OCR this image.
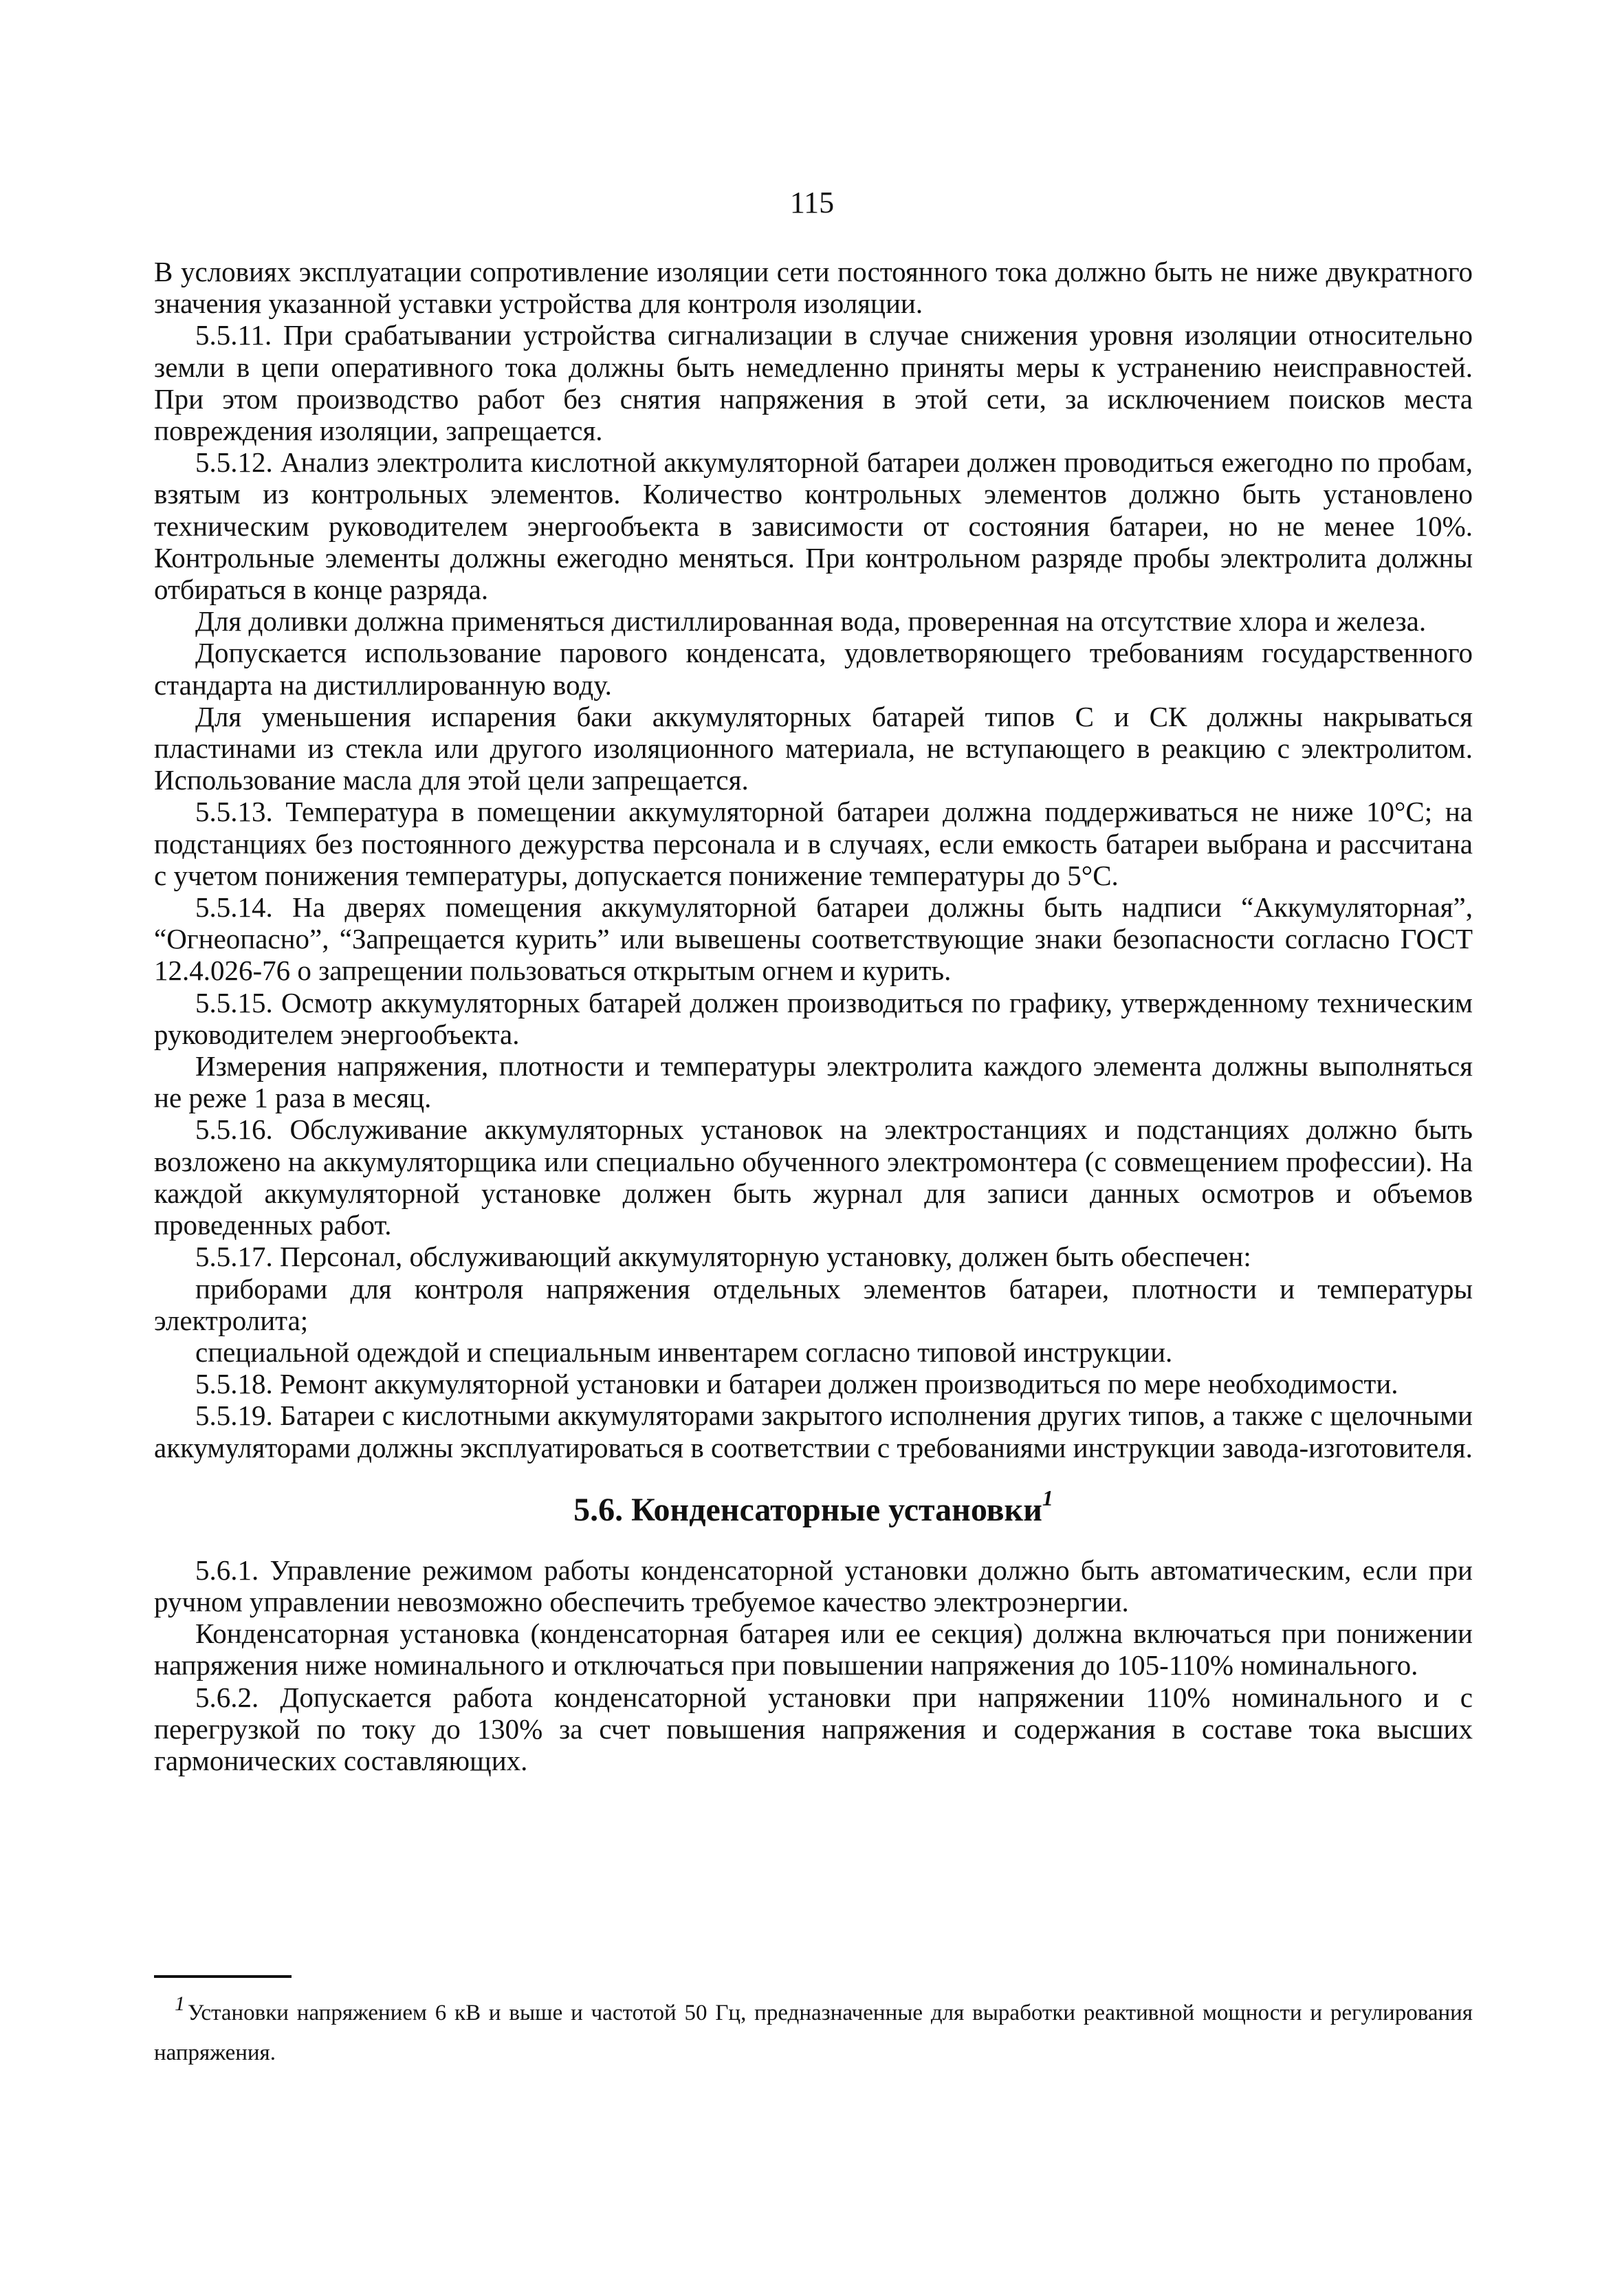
115

В условиях эксплуатации сопротивление изоляции сети постоянного тока должно быть не ниже двукратного значения указанной уставки устройства для контроля изоляции.

5.5.11. При срабатывании устройства сигнализации в случае снижения уровня изоляции относительно земли в цепи оперативного тока должны быть немедленно приняты меры к устранению неисправностей. При этом производство работ без снятия напряжения в этой сети, за исключением поисков места повреждения изоляции, запрещается.

5.5.12. Анализ электролита кислотной аккумуляторной батареи должен проводиться ежегодно по пробам, взятым из контрольных элементов. Количество контрольных элементов должно быть установлено техническим руководителем энергообъекта в зависимости от состояния батареи, но не менее 10%. Контрольные элементы должны ежегодно меняться. При контрольном разряде пробы электролита должны отбираться в конце разряда.

Для доливки должна применяться дистиллированная вода, проверенная на отсутствие хлора и железа.

Допускается использование парового конденсата, удовлетворяющего требованиям государственного стандарта на дистиллированную воду.

Для уменьшения испарения баки аккумуляторных батарей типов С и СК должны накрываться пластинами из стекла или другого изоляционного материала, не вступающего в реакцию с электролитом. Использование масла для этой цели запрещается.

5.5.13. Температура в помещении аккумуляторной батареи должна поддерживаться не ниже 10°С; на подстанциях без постоянного дежурства персонала и в случаях, если емкость батареи выбрана и рассчитана с учетом понижения температуры, допускается понижение температуры до 5°С.

5.5.14. На дверях помещения аккумуляторной батареи должны быть надписи “Аккумуляторная”, “Огнеопасно”, “Запрещается курить” или вывешены соответствующие знаки безопасности согласно ГОСТ 12.4.026-76 о запрещении пользоваться открытым огнем и курить.

5.5.15. Осмотр аккумуляторных батарей должен производиться по графику, утвержденному техническим руководителем энергообъекта.

Измерения напряжения, плотности и температуры электролита каждого элемента должны выполняться не реже 1 раза в месяц.

5.5.16. Обслуживание аккумуляторных установок на электростанциях и подстанциях должно быть возложено на аккумуляторщика или специально обученного электромонтера (с совмещением профессии). На каждой аккумуляторной установке должен быть журнал для записи данных осмотров и объемов проведенных работ.

5.5.17. Персонал, обслуживающий аккумуляторную установку, должен быть обеспечен:

приборами для контроля напряжения отдельных элементов батареи, плотности и температуры электролита;

специальной одеждой и специальным инвентарем согласно типовой инструкции.

5.5.18. Ремонт аккумуляторной установки и батареи должен производиться по мере необходимости.

5.5.19. Батареи с кислотными аккумуляторами закрытого исполнения других типов, а также с щелочными аккумуляторами должны эксплуатироваться в соответствии с требованиями инструкции завода-изготовителя.

5.6. Конденсаторные установки$^1$

5.6.1. Управление режимом работы конденсаторной установки должно быть автоматическим, если при ручном управлении невозможно обеспечить требуемое качество электроэнергии.

Конденсаторная установка (конденсаторная батарея или ее секция) должна включаться при понижении напряжения ниже номинального и отключаться при повышении напряжения до 105-110% номинального.

5.6.2. Допускается работа конденсаторной установки при напряжении 110% номинального и с перегрузкой по току до 130% за счет повышения напряжения и содержания в составе тока высших гармонических составляющих.

1 Установки напряжением 6 кВ и выше и частотой 50 Гц, предназначенные для выработки реактивной мощности и регулирования напряжения.
